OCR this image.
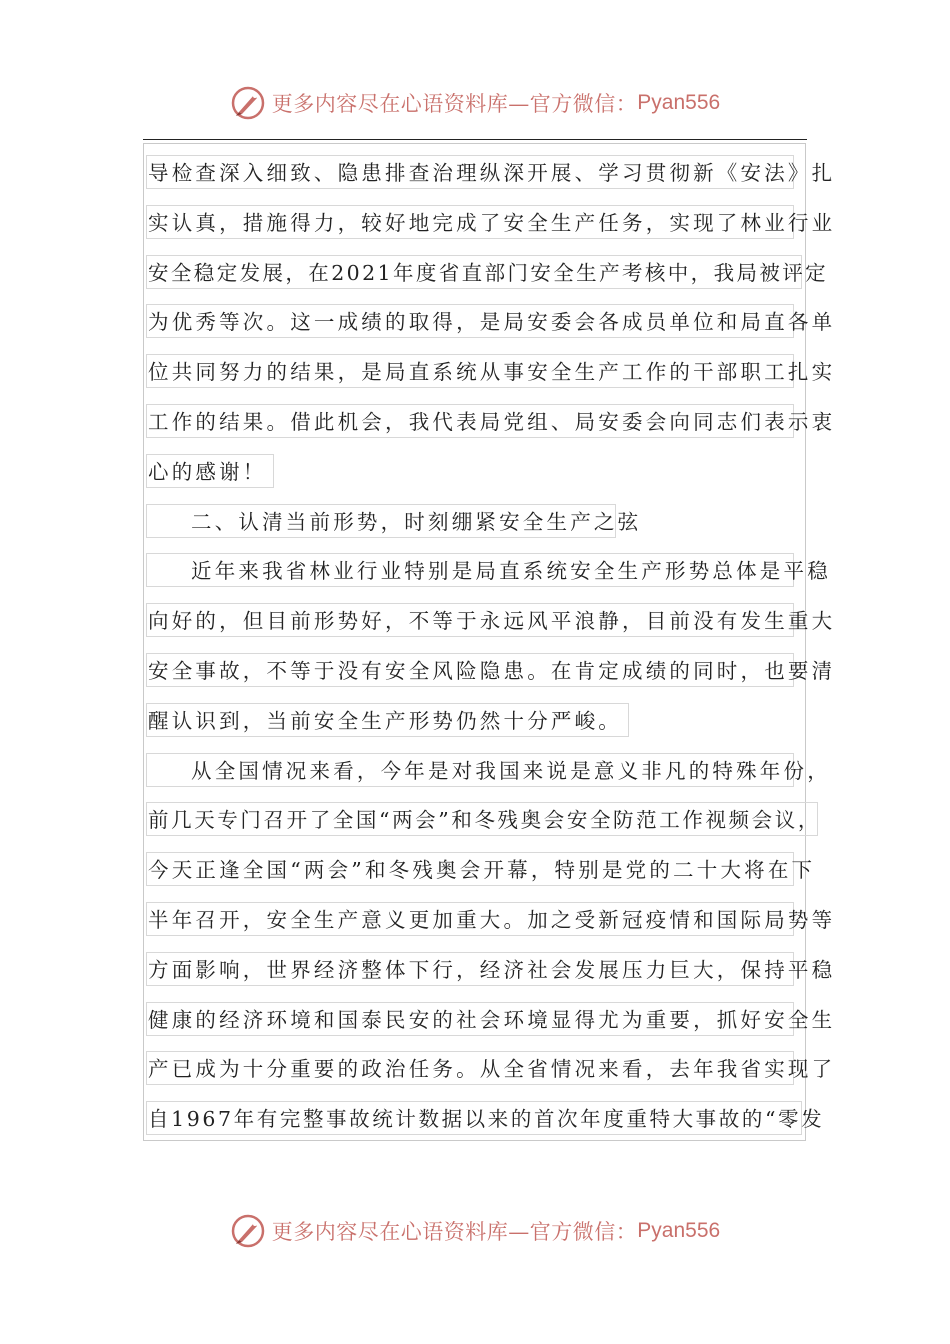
更多内容尽在心语资料库—官方微信： Pyan556
导检查深入细致、隐患排查治理纵深开展、学习贯彻新《安法》扎
实认真，措施得力，较好地完成了安全生产任务，实现了林业行业
安全稳定发展，在2021年度省直部门安全生产考核中，我局被评定
为优秀等次。这一成绩的取得，是局安委会各成员单位和局直各单
位共同努力的结果，是局直系统从事安全生产工作的干部职工扎实
工作的结果。借此机会，我代表局党组、局安委会向同志们表示衷
心的感谢！
二、认清当前形势，时刻绷紧安全生产之弦
近年来我省林业行业特别是局直系统安全生产形势总体是平稳
向好的，但目前形势好，不等于永远风平浪静，目前没有发生重大
安全事故，不等于没有安全风险隐患。在肯定成绩的同时，也要清
醒认识到，当前安全生产形势仍然十分严峻。
从全国情况来看，今年是对我国来说是意义非凡的特殊年份，
前几天专门召开了全国“两会”和冬残奥会安全防范工作视频会议，
今天正逢全国“两会”和冬残奥会开幕，特别是党的二十大将在下
半年召开，安全生产意义更加重大。加之受新冠疫情和国际局势等
方面影响，世界经济整体下行，经济社会发展压力巨大，保持平稳
健康的经济环境和国泰民安的社会环境显得尤为重要，抓好安全生
产已成为十分重要的政治任务。从全省情况来看，去年我省实现了
自1967年有完整事故统计数据以来的首次年度重特大事故的“零发
更多内容尽在心语资料库—官方微信： Pyan556
